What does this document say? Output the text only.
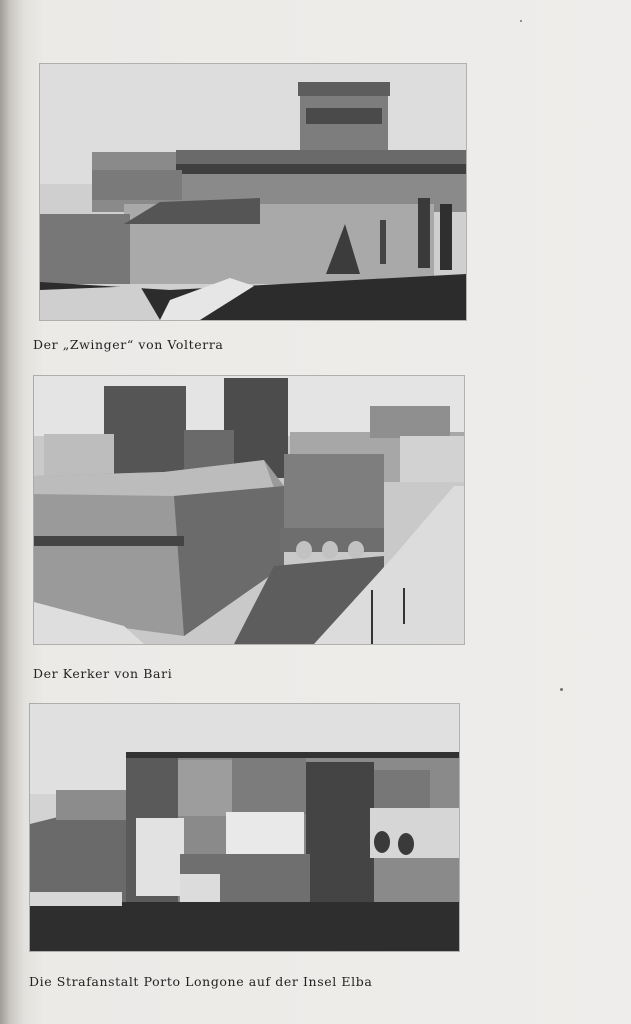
Der „Zwinger“ von Volterra
Der Kerker von Bari
Die Strafanstalt Porto Longone auf der Insel Elba
